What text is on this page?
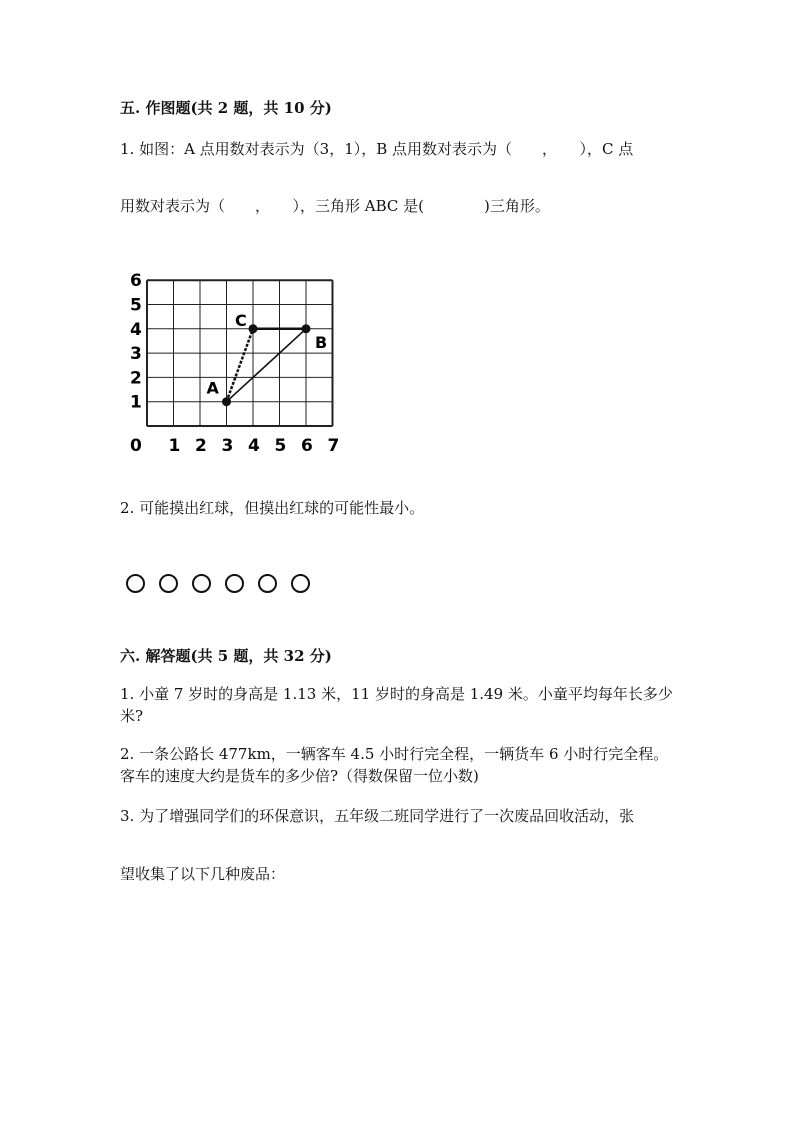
五. 作图题(共 2 题，共 10 分)
1. 如图：A 点用数对表示为（3，1），B 点用数对表示为（　　，　　），C 点
用数对表示为（　　，　　），三角形 ABC 是(　　　　)三角形。
1
2
3
4
5
6
0 1 2 3 4 5 6 7
A
B
C
2. 可能摸出红球，但摸出红球的可能性最小。
六. 解答题(共 5 题，共 32 分)
1. 小童 7 岁时的身高是 1.13 米，11 岁时的身高是 1.49 米。小童平均每年长多少米?
2. 一条公路长 477km，一辆客车 4.5 小时行完全程，一辆货车 6 小时行完全程。客车的速度大约是货车的多少倍?（得数保留一位小数)
3. 为了增强同学们的环保意识，五年级二班同学进行了一次废品回收活动，张
望收集了以下几种废品：
